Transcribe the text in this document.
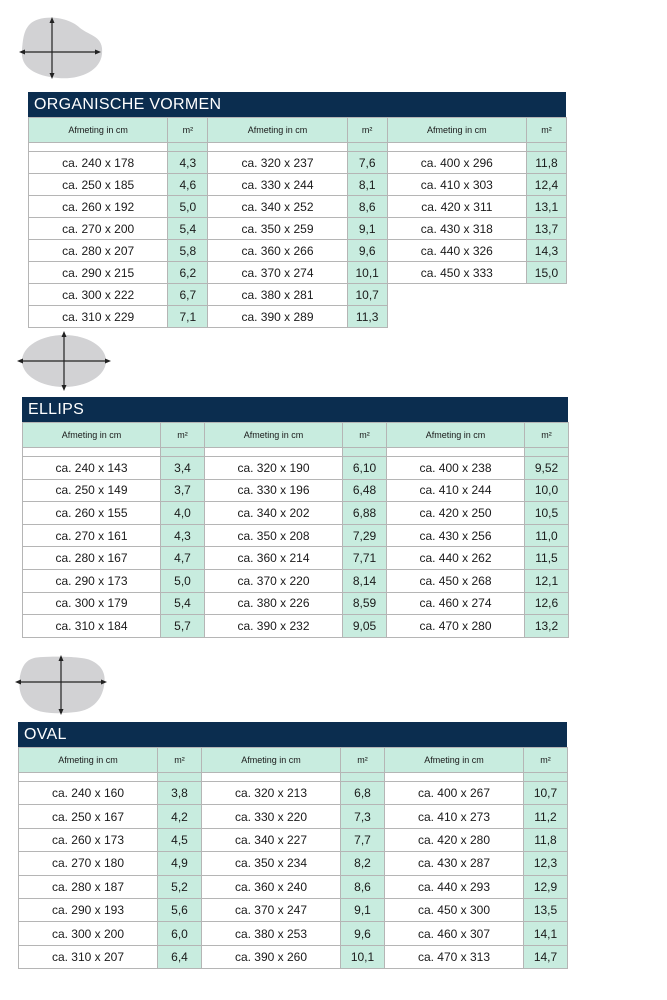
ORGANISCHE VORMEN
Afmeting in cm	m²	Afmeting in cm	m²	Afmeting in cm	m²

ca. 240 x 178	4,3	ca. 320 x 237	7,6	ca. 400 x 296	11,8
ca. 250 x 185	4,6	ca. 330 x 244	8,1	ca. 410 x 303	12,4
ca. 260 x 192	5,0	ca. 340 x 252	8,6	ca. 420 x 311	13,1
ca. 270 x 200	5,4	ca. 350 x 259	9,1	ca. 430 x 318	13,7
ca. 280 x 207	5,8	ca. 360 x 266	9,6	ca. 440 x 326	14,3
ca. 290 x 215	6,2	ca. 370 x 274	10,1	ca. 450 x 333	15,0
ca. 300 x 222	6,7	ca. 380 x 281	10,7		
ca. 310 x 229	7,1	ca. 390 x 289	11,3		
ELLIPS
Afmeting in cm	m²	Afmeting in cm	m²	Afmeting in cm	m²

ca. 240 x 143	3,4	ca. 320 x 190	6,10	ca. 400 x 238	9,52
ca. 250 x 149	3,7	ca. 330 x 196	6,48	ca. 410 x 244	10,0
ca. 260 x 155	4,0	ca. 340 x 202	6,88	ca. 420 x 250	10,5
ca. 270 x 161	4,3	ca. 350 x 208	7,29	ca. 430 x 256	11,0
ca. 280 x 167	4,7	ca. 360 x 214	7,71	ca. 440 x 262	11,5
ca. 290 x 173	5,0	ca. 370 x 220	8,14	ca. 450 x 268	12,1
ca. 300 x 179	5,4	ca. 380 x 226	8,59	ca. 460 x 274	12,6
ca. 310 x 184	5,7	ca. 390 x 232	9,05	ca. 470 x 280	13,2
OVAL
Afmeting in cm	m²	Afmeting in cm	m²	Afmeting in cm	m²

ca. 240 x 160	3,8	ca. 320 x 213	6,8	ca. 400 x 267	10,7
ca. 250 x 167	4,2	ca. 330 x 220	7,3	ca. 410 x 273	11,2
ca. 260 x 173	4,5	ca. 340 x 227	7,7	ca. 420 x 280	11,8
ca. 270 x 180	4,9	ca. 350 x 234	8,2	ca. 430 x 287	12,3
ca. 280 x 187	5,2	ca. 360 x 240	8,6	ca. 440 x 293	12,9
ca. 290 x 193	5,6	ca. 370 x 247	9,1	ca. 450 x 300	13,5
ca. 300 x 200	6,0	ca. 380 x 253	9,6	ca. 460 x 307	14,1
ca. 310 x 207	6,4	ca. 390 x 260	10,1	ca. 470 x 313	14,7
